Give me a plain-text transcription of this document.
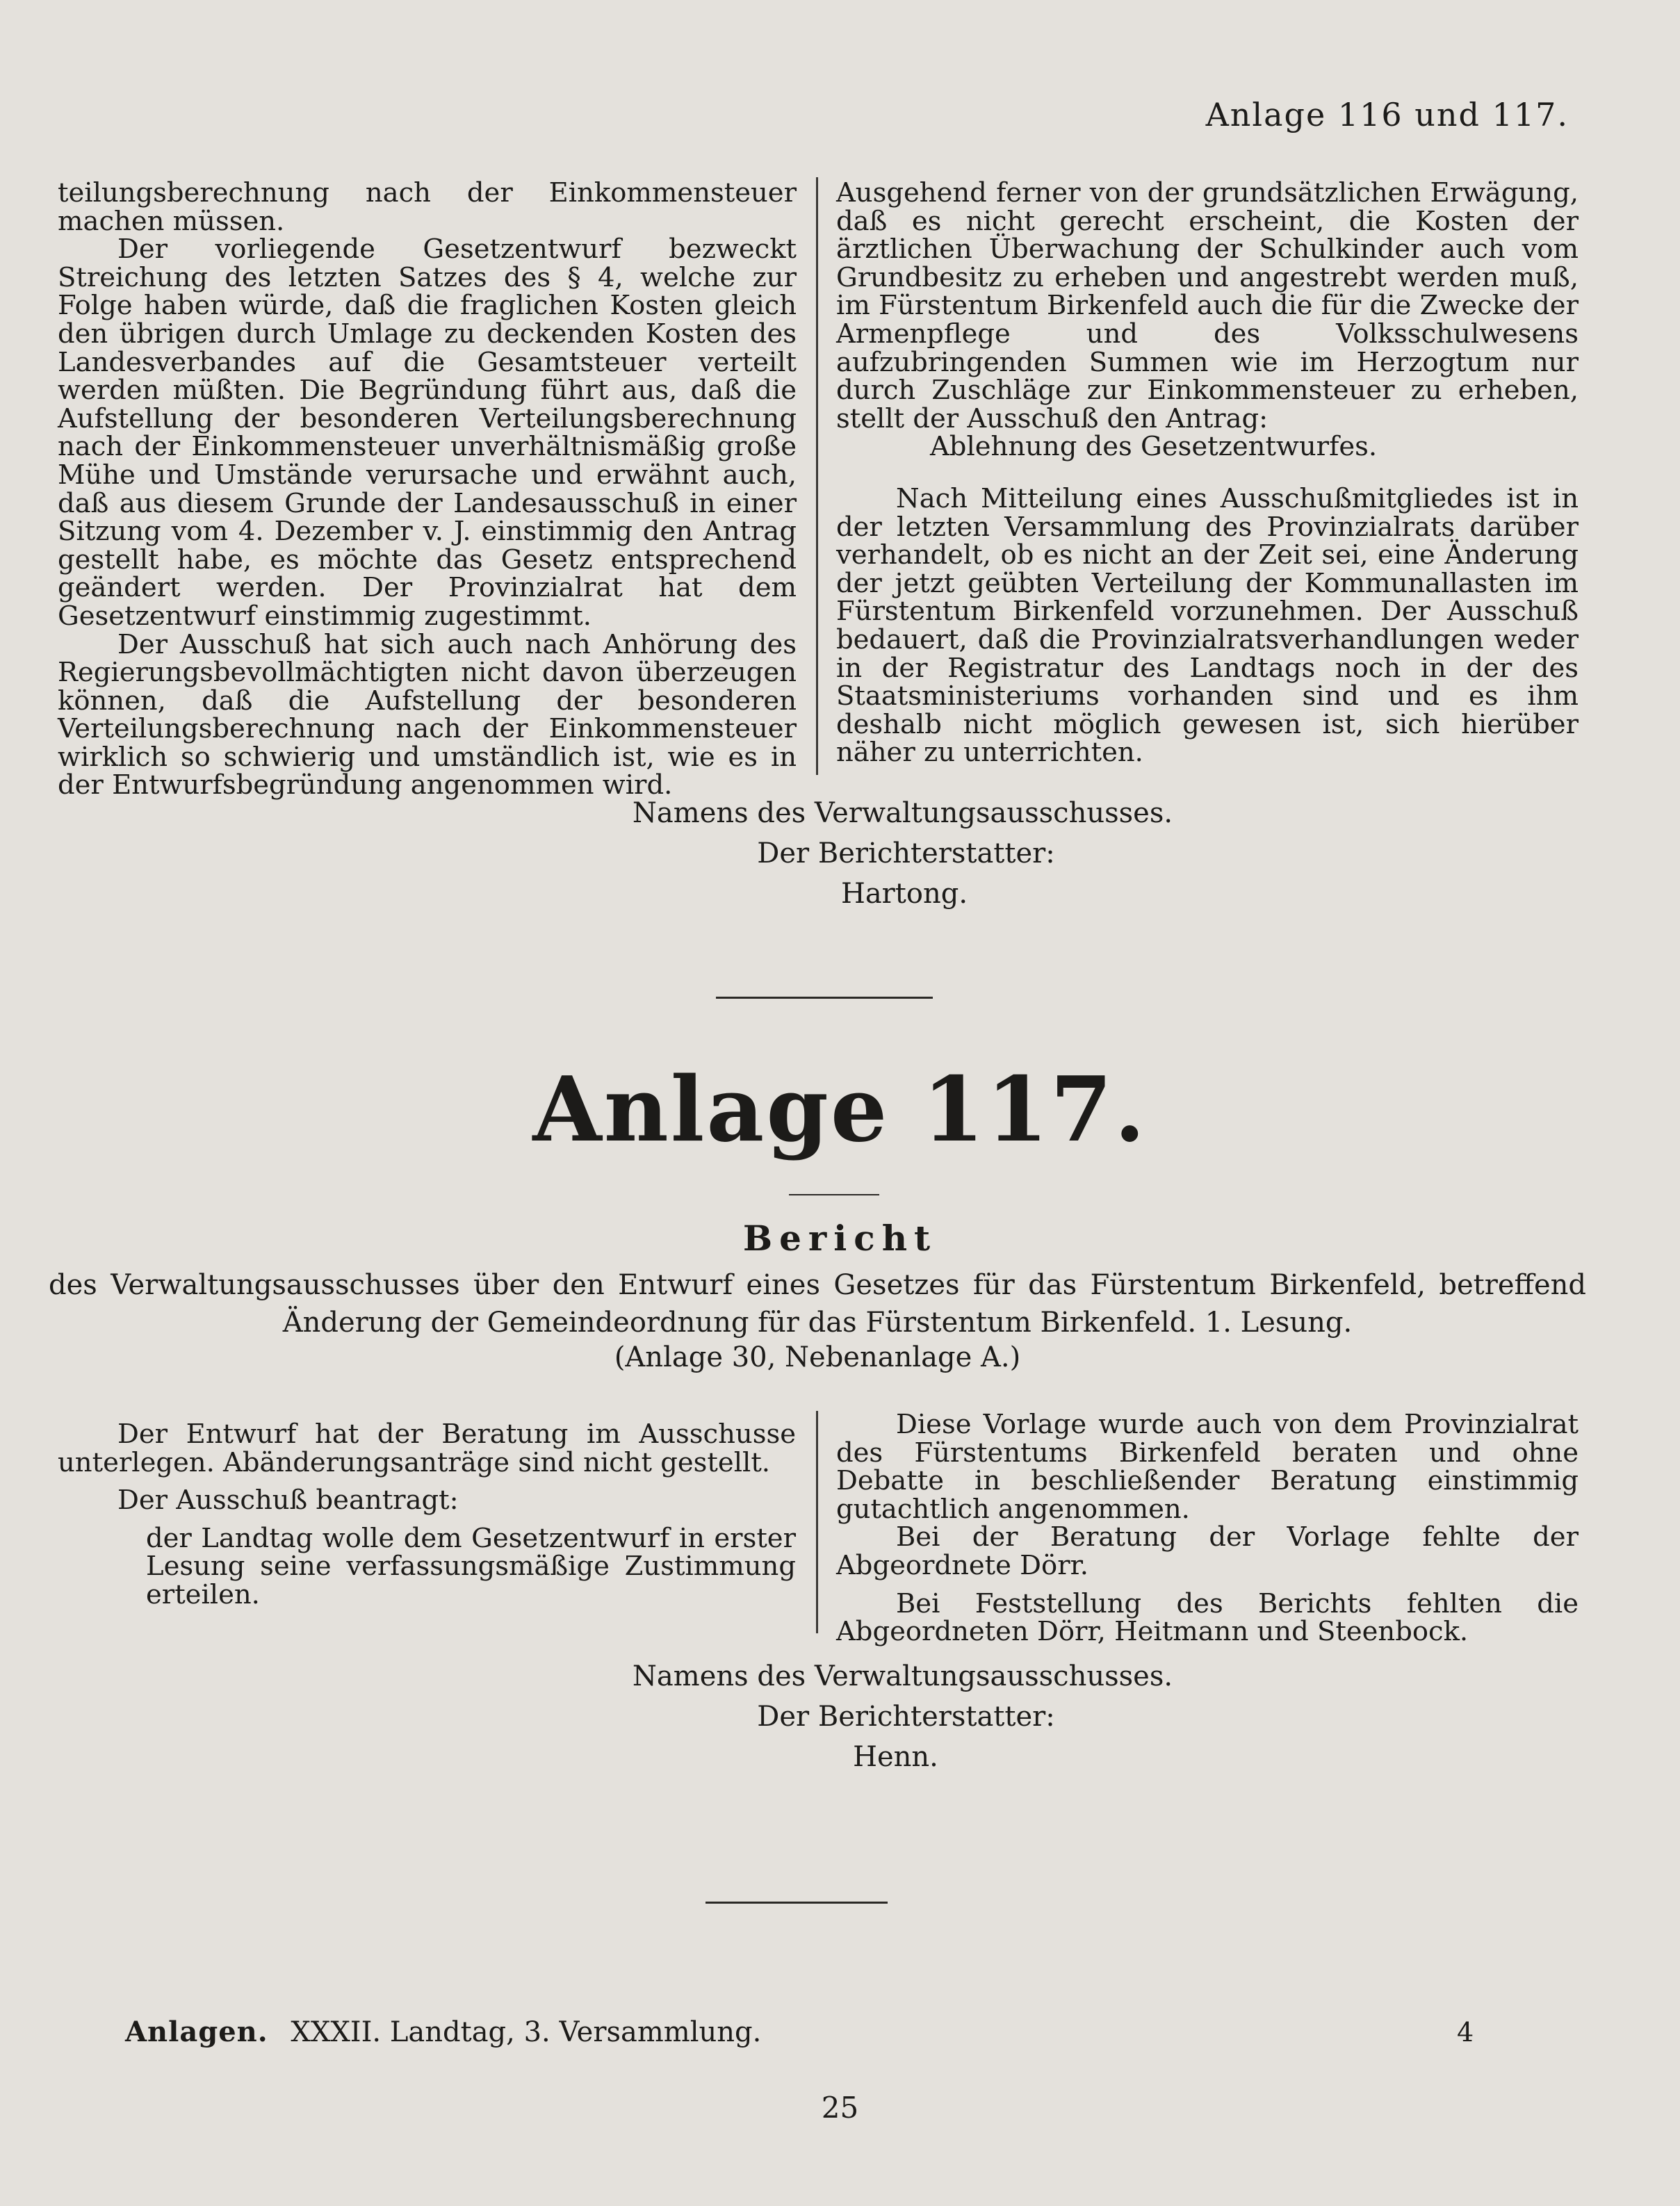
Anlage 116 und 117.

teilungsberechnung nach der Einkommensteuer machen müssen.

Der vorliegende Gesetzentwurf bezweckt Streichung des letzten Satzes des § 4, welche zur Folge haben würde, daß die fraglichen Kosten gleich den übrigen durch Umlage zu deckenden Kosten des Landesverbandes auf die Gesamtsteuer verteilt werden müßten. Die Begründung führt aus, daß die Aufstellung der besonderen Verteilungsberechnung nach der Einkommensteuer unverhältnismäßig große Mühe und Umstände verursache und erwähnt auch, daß aus diesem Grunde der Landesausschuß in einer Sitzung vom 4. Dezember v. J. einstimmig den Antrag gestellt habe, es möchte das Gesetz entsprechend geändert werden. Der Provinzialrat hat dem Gesetzentwurf einstimmig zugestimmt.

Der Ausschuß hat sich auch nach Anhörung des Regierungsbevollmächtigten nicht davon überzeugen können, daß die Aufstellung der besonderen Verteilungsberechnung nach der Einkommensteuer wirklich so schwierig und umständlich ist, wie es in der Entwurfsbegründung angenommen wird.

Ausgehend ferner von der grundsätzlichen Erwägung, daß es nicht gerecht erscheint, die Kosten der ärztlichen Überwachung der Schulkinder auch vom Grundbesitz zu erheben und angestrebt werden muß, im Fürstentum Birkenfeld auch die für die Zwecke der Armenpflege und des Volksschulwesens aufzubringenden Summen wie im Herzogtum nur durch Zuschläge zur Einkommensteuer zu erheben, stellt der Ausschuß den Antrag:

Ablehnung des Gesetzentwurfes.

Nach Mitteilung eines Ausschußmitgliedes ist in der letzten Versammlung des Provinzialrats darüber verhandelt, ob es nicht an der Zeit sei, eine Änderung der jetzt geübten Verteilung der Kommunallasten im Fürstentum Birkenfeld vorzunehmen. Der Ausschuß bedauert, daß die Provinzialratsverhandlungen weder in der Registratur des Landtags noch in der des Staatsministeriums vorhanden sind und es ihm deshalb nicht möglich gewesen ist, sich hierüber näher zu unterrichten.

Namens des Verwaltungsausschusses.
Der Berichterstatter:
Hartong.
Anlage 117.
Bericht
des Verwaltungsausschusses über den Entwurf eines Gesetzes für das Fürstentum Birkenfeld, betreffend
Änderung der Gemeindeordnung für das Fürstentum Birkenfeld. 1. Lesung.
(Anlage 30, Nebenanlage A.)

Der Entwurf hat der Beratung im Ausschusse unterlegen. Abänderungsanträge sind nicht gestellt.

Der Ausschuß beantragt:

der Landtag wolle dem Gesetzentwurf in erster Lesung seine verfassungsmäßige Zustimmung erteilen.

Diese Vorlage wurde auch von dem Provinzialrat des Fürstentums Birkenfeld beraten und ohne Debatte in beschließender Beratung einstimmig gutachtlich angenommen.

Bei der Beratung der Vorlage fehlte der Abgeordnete Dörr.

Bei Feststellung des Berichts fehlten die Abgeordneten Dörr, Heitmann und Steenbock.

Namens des Verwaltungsausschusses.
Der Berichterstatter:
Henn.
Anlagen. XXXII. Landtag, 3. Versammlung.	4
25
